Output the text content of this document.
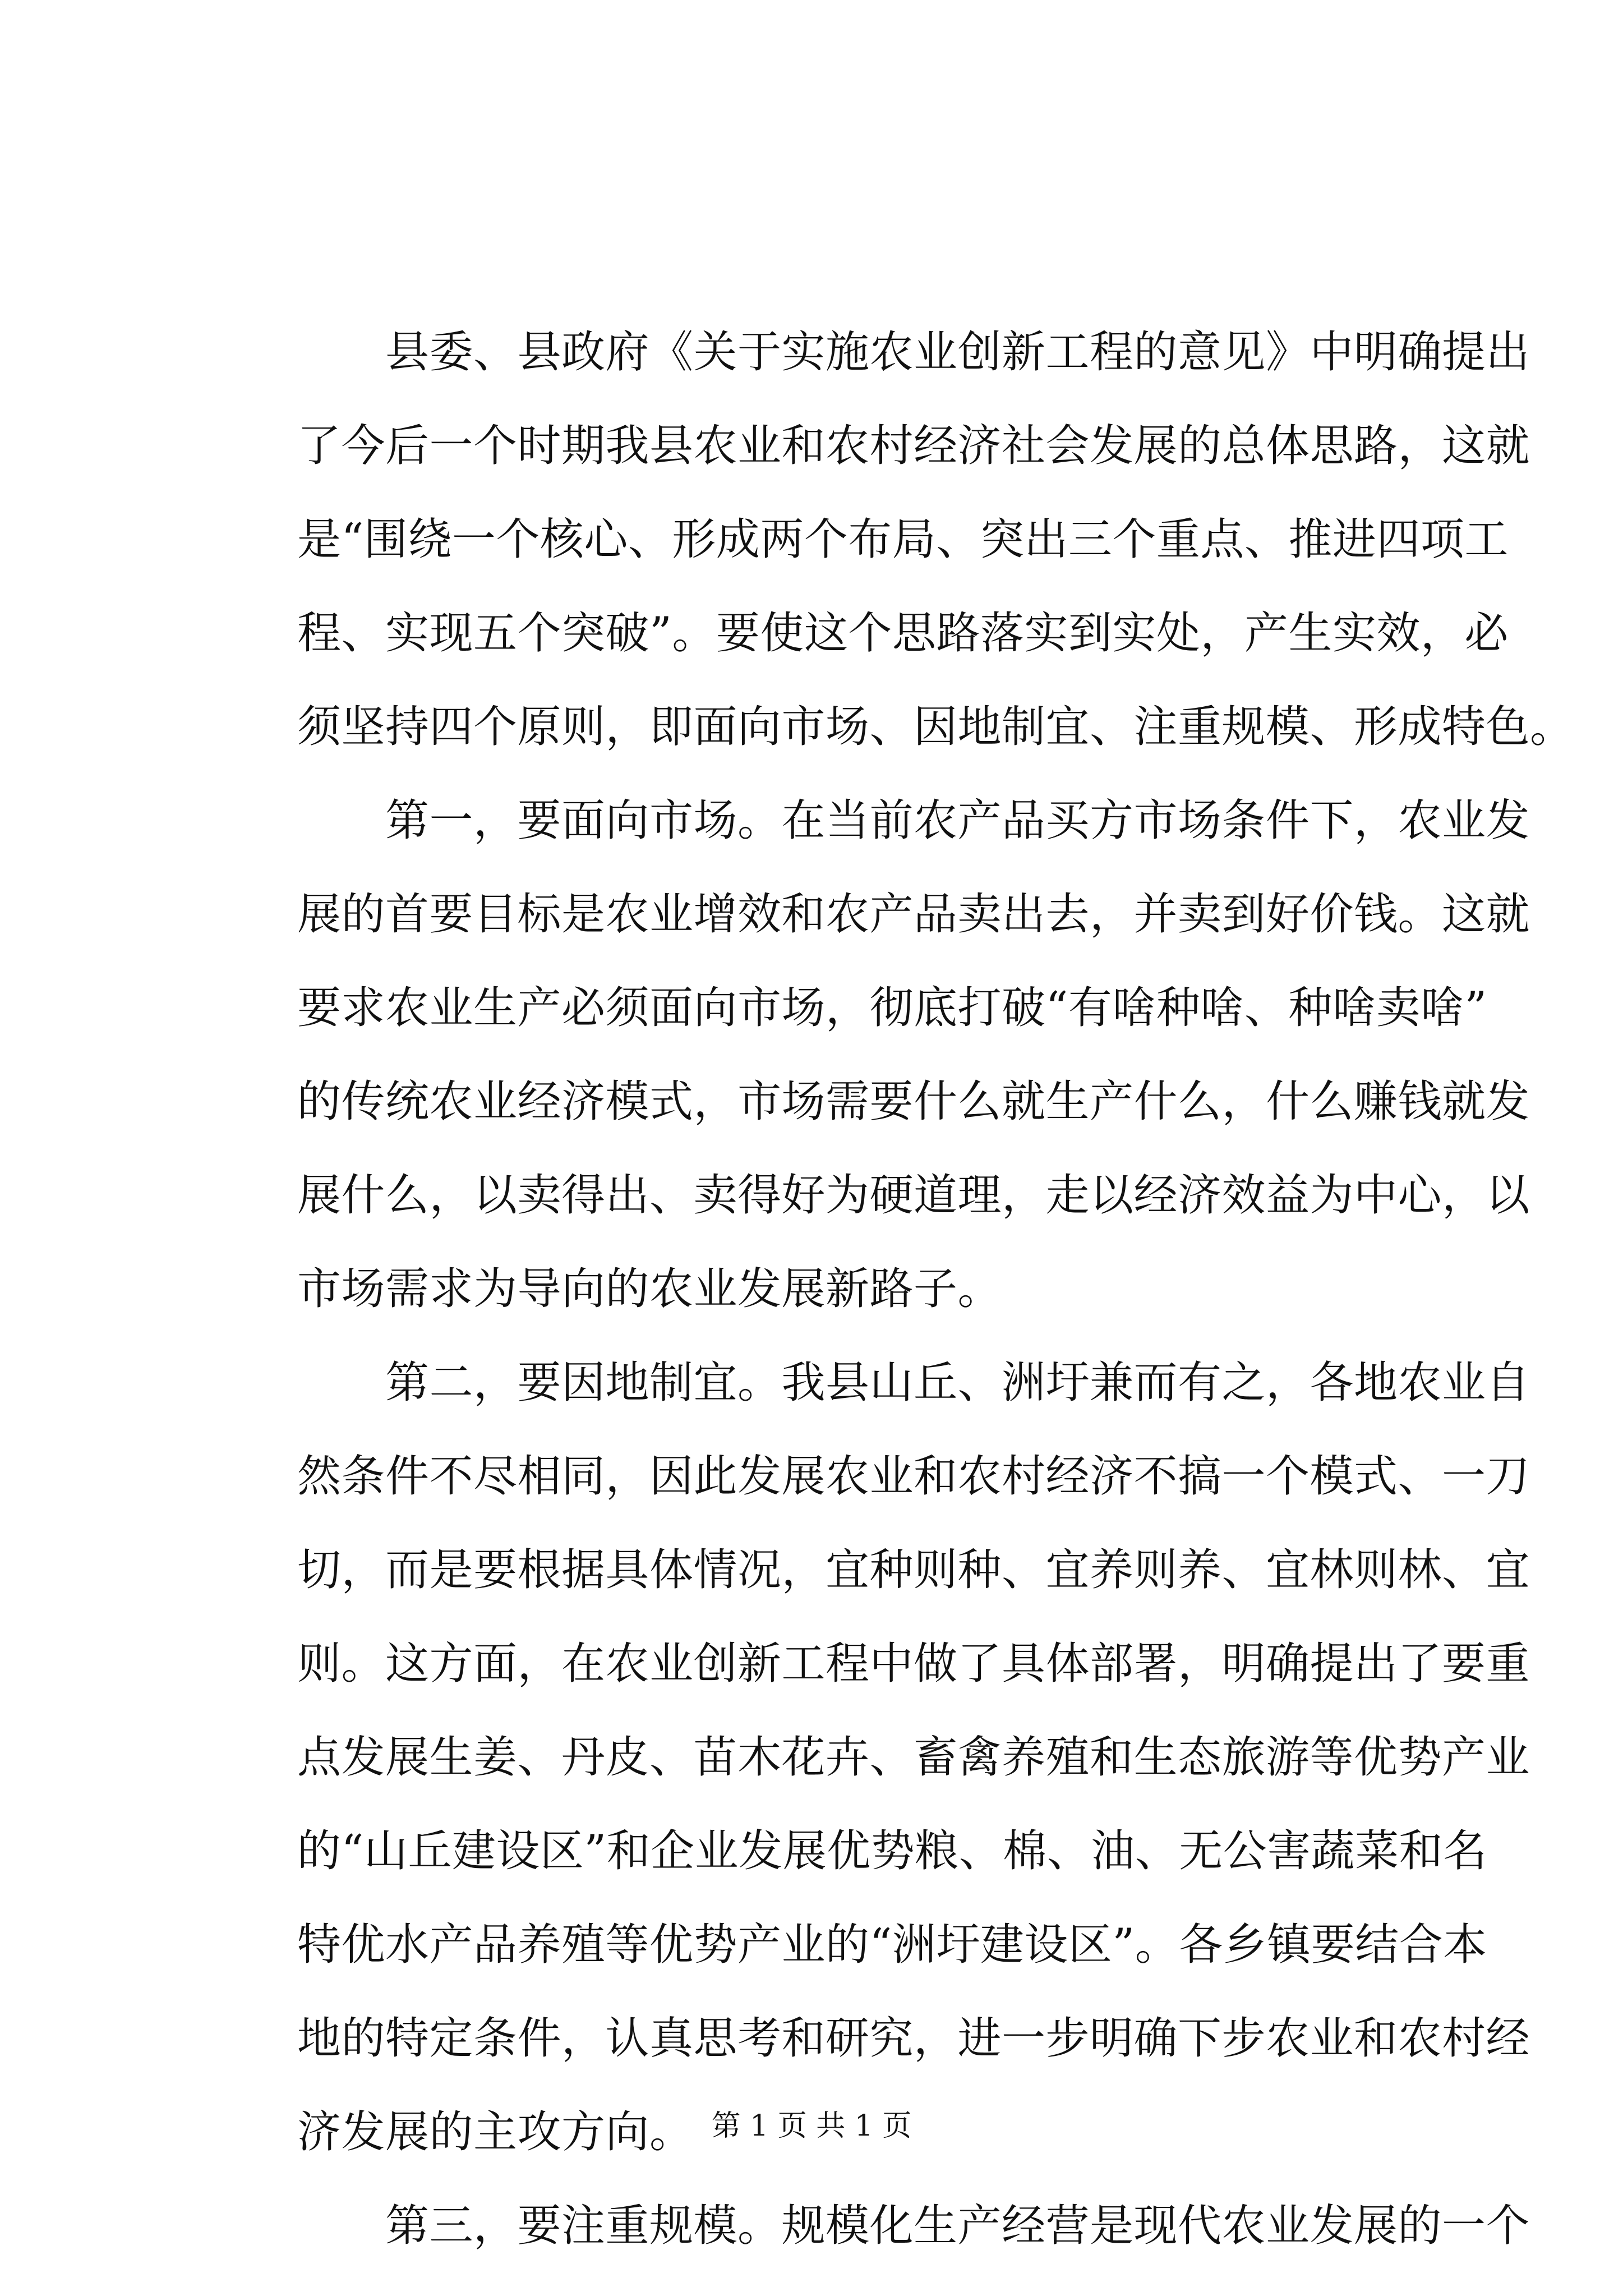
　　县委、县政府《关于实施农业创新工程的意见》中明确提出
了今后一个时期我县农业和农村经济社会发展的总体思路，这就
是“围绕一个核心、形成两个布局、突出三个重点、推进四项工
程、实现五个突破”。要使这个思路落实到实处，产生实效，必
须坚持四个原则，即面向市场、因地制宜、注重规模、形成特色。
　　第一，要面向市场。在当前农产品买方市场条件下，农业发
展的首要目标是农业增效和农产品卖出去，并卖到好价钱。这就
要求农业生产必须面向市场，彻底打破“有啥种啥、种啥卖啥”
的传统农业经济模式，市场需要什么就生产什么，什么赚钱就发
展什么，以卖得出、卖得好为硬道理，走以经济效益为中心，以
市场需求为导向的农业发展新路子。
　　第二，要因地制宜。我县山丘、洲圩兼而有之，各地农业自
然条件不尽相同，因此发展农业和农村经济不搞一个模式、一刀
切，而是要根据具体情况，宜种则种、宜养则养、宜林则林、宜
则。这方面，在农业创新工程中做了具体部署，明确提出了要重
点发展生姜、丹皮、苗木花卉、畜禽养殖和生态旅游等优势产业
的“山丘建设区”和企业发展优势粮、棉、油、无公害蔬菜和名
特优水产品养殖等优势产业的“洲圩建设区”。各乡镇要结合本
地的特定条件，认真思考和研究，进一步明确下步农业和农村经
济发展的主攻方向。
　　第三，要注重规模。规模化生产经营是现代农业发展的一个
第 1 页 共 1 页
